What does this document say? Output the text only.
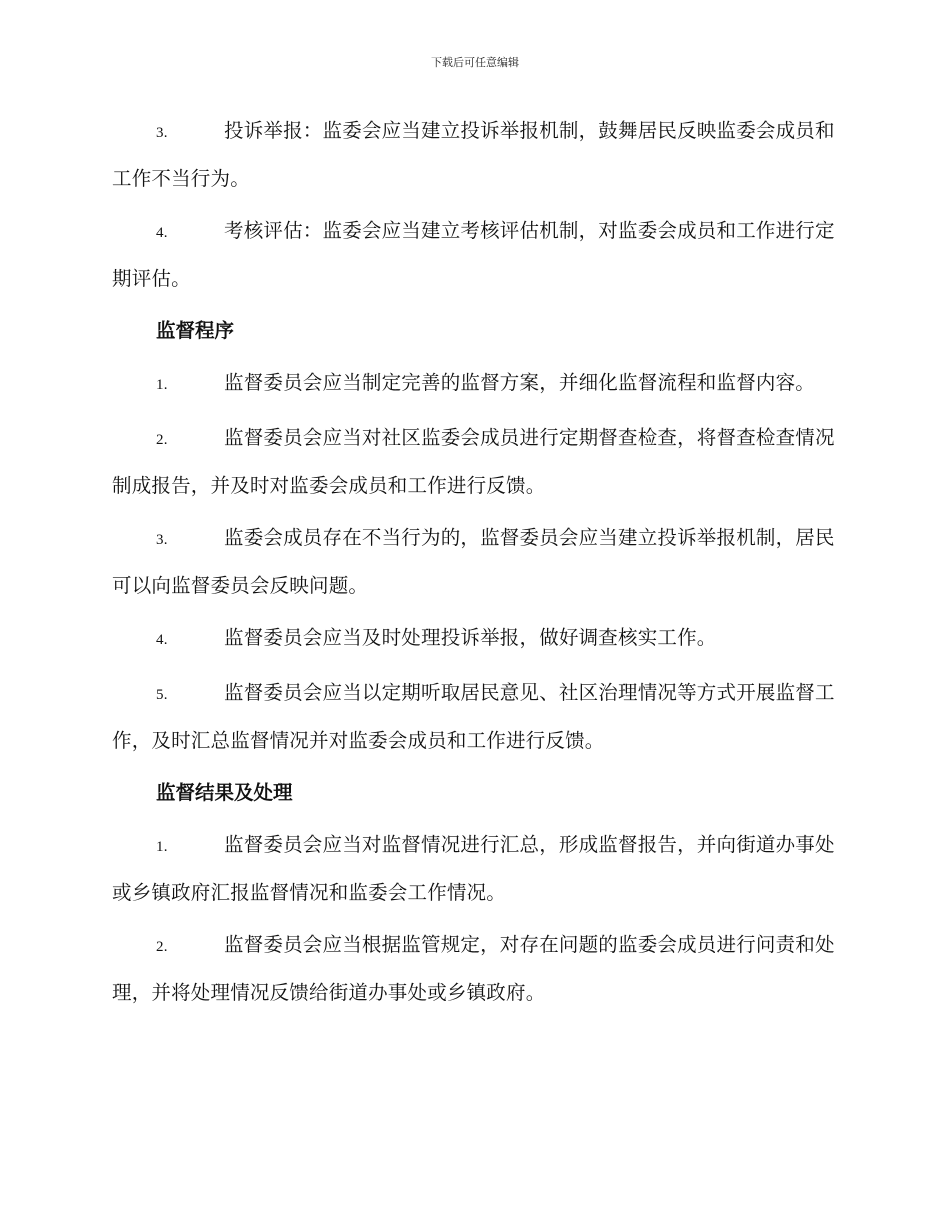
下载后可任意编辑
3.	投诉举报：监委会应当建立投诉举报机制，鼓舞居民反映监委会成员和工作不当行为。
4.	考核评估：监委会应当建立考核评估机制，对监委会成员和工作进行定期评估。
监督程序
1.	监督委员会应当制定完善的监督方案，并细化监督流程和监督内容。
2.	监督委员会应当对社区监委会成员进行定期督查检查，将督查检查情况制成报告，并及时对监委会成员和工作进行反馈。
3.	监委会成员存在不当行为的，监督委员会应当建立投诉举报机制，居民可以向监督委员会反映问题。
4.	监督委员会应当及时处理投诉举报，做好调查核实工作。
5.	监督委员会应当以定期听取居民意见、社区治理情况等方式开展监督工作，及时汇总监督情况并对监委会成员和工作进行反馈。
监督结果及处理
1.	监督委员会应当对监督情况进行汇总，形成监督报告，并向街道办事处或乡镇政府汇报监督情况和监委会工作情况。
2.	监督委员会应当根据监管规定，对存在问题的监委会成员进行问责和处理，并将处理情况反馈给街道办事处或乡镇政府。
